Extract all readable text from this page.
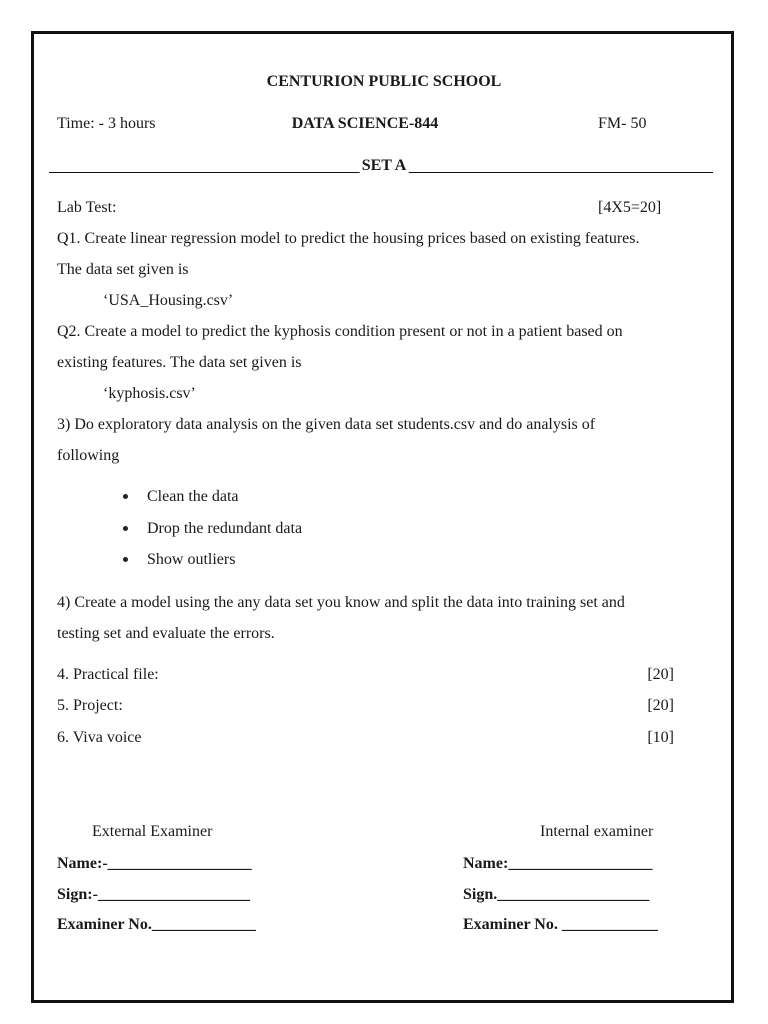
CENTURION PUBLIC SCHOOL
Time: - 3 hours	DATA SCIENCE-844	FM- 50
SET A
Lab Test:	[4X5=20]
Q1. Create linear regression model to predict the housing prices based on existing features.
The data set given is
‘USA_Housing.csv’
Q2. Create a model to predict the kyphosis condition present or not in a patient based on
existing features. The data set given is
‘kyphosis.csv’
3) Do exploratory data analysis on the given data set students.csv and do analysis of
following
Clean the data
Drop the redundant data
Show outliers
4) Create a model using the any data set you know and split the data into training set and
testing set and evaluate the errors.
4. Practical file:	[20]
5. Project:	[20]
6. Viva voice	[10]
External Examiner	Internal examiner
Name:-__________________	Name:__________________
Sign:-___________________	Sign.___________________
Examiner No._____________	Examiner No. ____________
